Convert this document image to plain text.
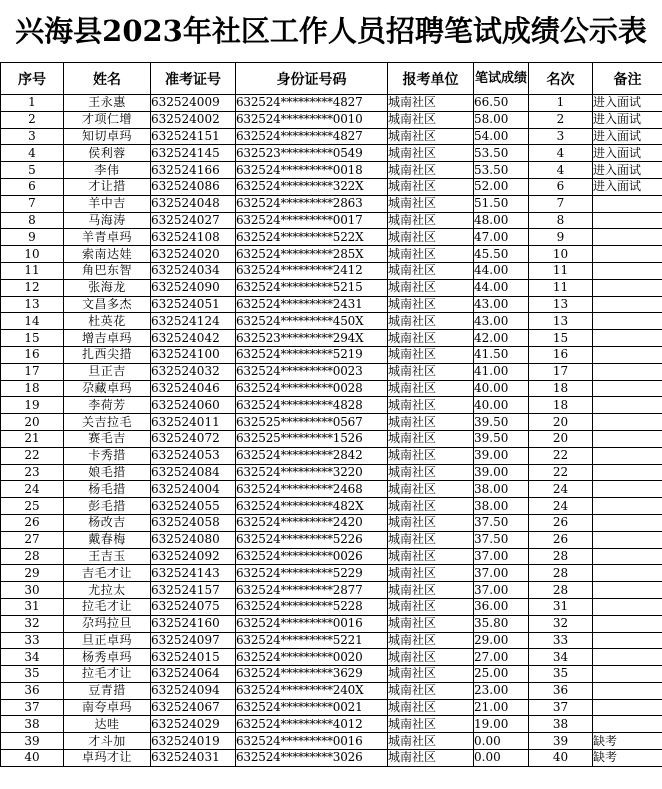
兴海县2023年社区工作人员招聘笔试成绩公示表
序号	姓名	准考证号	身份证号码	报考单位	笔试成绩	名次	备注
1	王永惠	632524009	632524*********4827	城南社区	66.50	1	进入面试
2	才项仁增	632524002	632524*********0010	城南社区	58.00	2	进入面试
3	知切卓玛	632524151	632524*********4827	城南社区	54.00	3	进入面试
4	侯利蓉	632524145	632523*********0549	城南社区	53.50	4	进入面试
5	李伟	632524166	632524*********0018	城南社区	53.50	4	进入面试
6	才让措	632524086	632524*********322X	城南社区	52.00	6	进入面试
7	羊中吉	632524048	632524*********2863	城南社区	51.50	7	
8	马海涛	632524027	632524*********0017	城南社区	48.00	8	
9	羊青卓玛	632524108	632524*********522X	城南社区	47.00	9	
10	索南达娃	632524020	632524*********285X	城南社区	45.50	10	
11	角巴东智	632524034	632524*********2412	城南社区	44.00	11	
12	张海龙	632524090	632524*********5215	城南社区	44.00	11	
13	文昌多杰	632524051	632524*********2431	城南社区	43.00	13	
14	杜英花	632524124	632524*********450X	城南社区	43.00	13	
15	增吉卓玛	632524042	632523*********294X	城南社区	42.00	15	
16	扎西尖措	632524100	632524*********5219	城南社区	41.50	16	
17	旦正吉	632524032	632524*********0023	城南社区	41.00	17	
18	尕藏卓玛	632524046	632524*********0028	城南社区	40.00	18	
19	李荷芳	632524060	632524*********4828	城南社区	40.00	18	
20	关吉拉毛	632524011	632525*********0567	城南社区	39.50	20	
21	赛毛吉	632524072	632525*********1526	城南社区	39.50	20	
22	卡秀措	632524053	632524*********2842	城南社区	39.00	22	
23	娘毛措	632524084	632524*********3220	城南社区	39.00	22	
24	杨毛措	632524004	632524*********2468	城南社区	38.00	24	
25	彭毛措	632524055	632524*********482X	城南社区	38.00	24	
26	杨改吉	632524058	632524*********2420	城南社区	37.50	26	
27	戴春梅	632524080	632524*********5226	城南社区	37.50	26	
28	王吉玉	632524092	632524*********0026	城南社区	37.00	28	
29	吉毛才让	632524143	632524*********5229	城南社区	37.00	28	
30	尤拉太	632524157	632524*********2877	城南社区	37.00	28	
31	拉毛才让	632524075	632524*********5228	城南社区	36.00	31	
32	尕玛拉旦	632524160	632524*********0016	城南社区	35.80	32	
33	旦正卓玛	632524097	632524*********5221	城南社区	29.00	33	
34	杨秀卓玛	632524015	632524*********0020	城南社区	27.00	34	
35	拉毛才让	632524064	632524*********3629	城南社区	25.00	35	
36	豆青措	632524094	632524*********240X	城南社区	23.00	36	
37	南夸卓玛	632524067	632524*********0021	城南社区	21.00	37	
38	达哇	632524029	632524*********4012	城南社区	19.00	38	
39	才斗加	632524019	632524*********0016	城南社区	0.00	39	缺考
40	卓玛才让	632524031	632524*********3026	城南社区	0.00	40	缺考
